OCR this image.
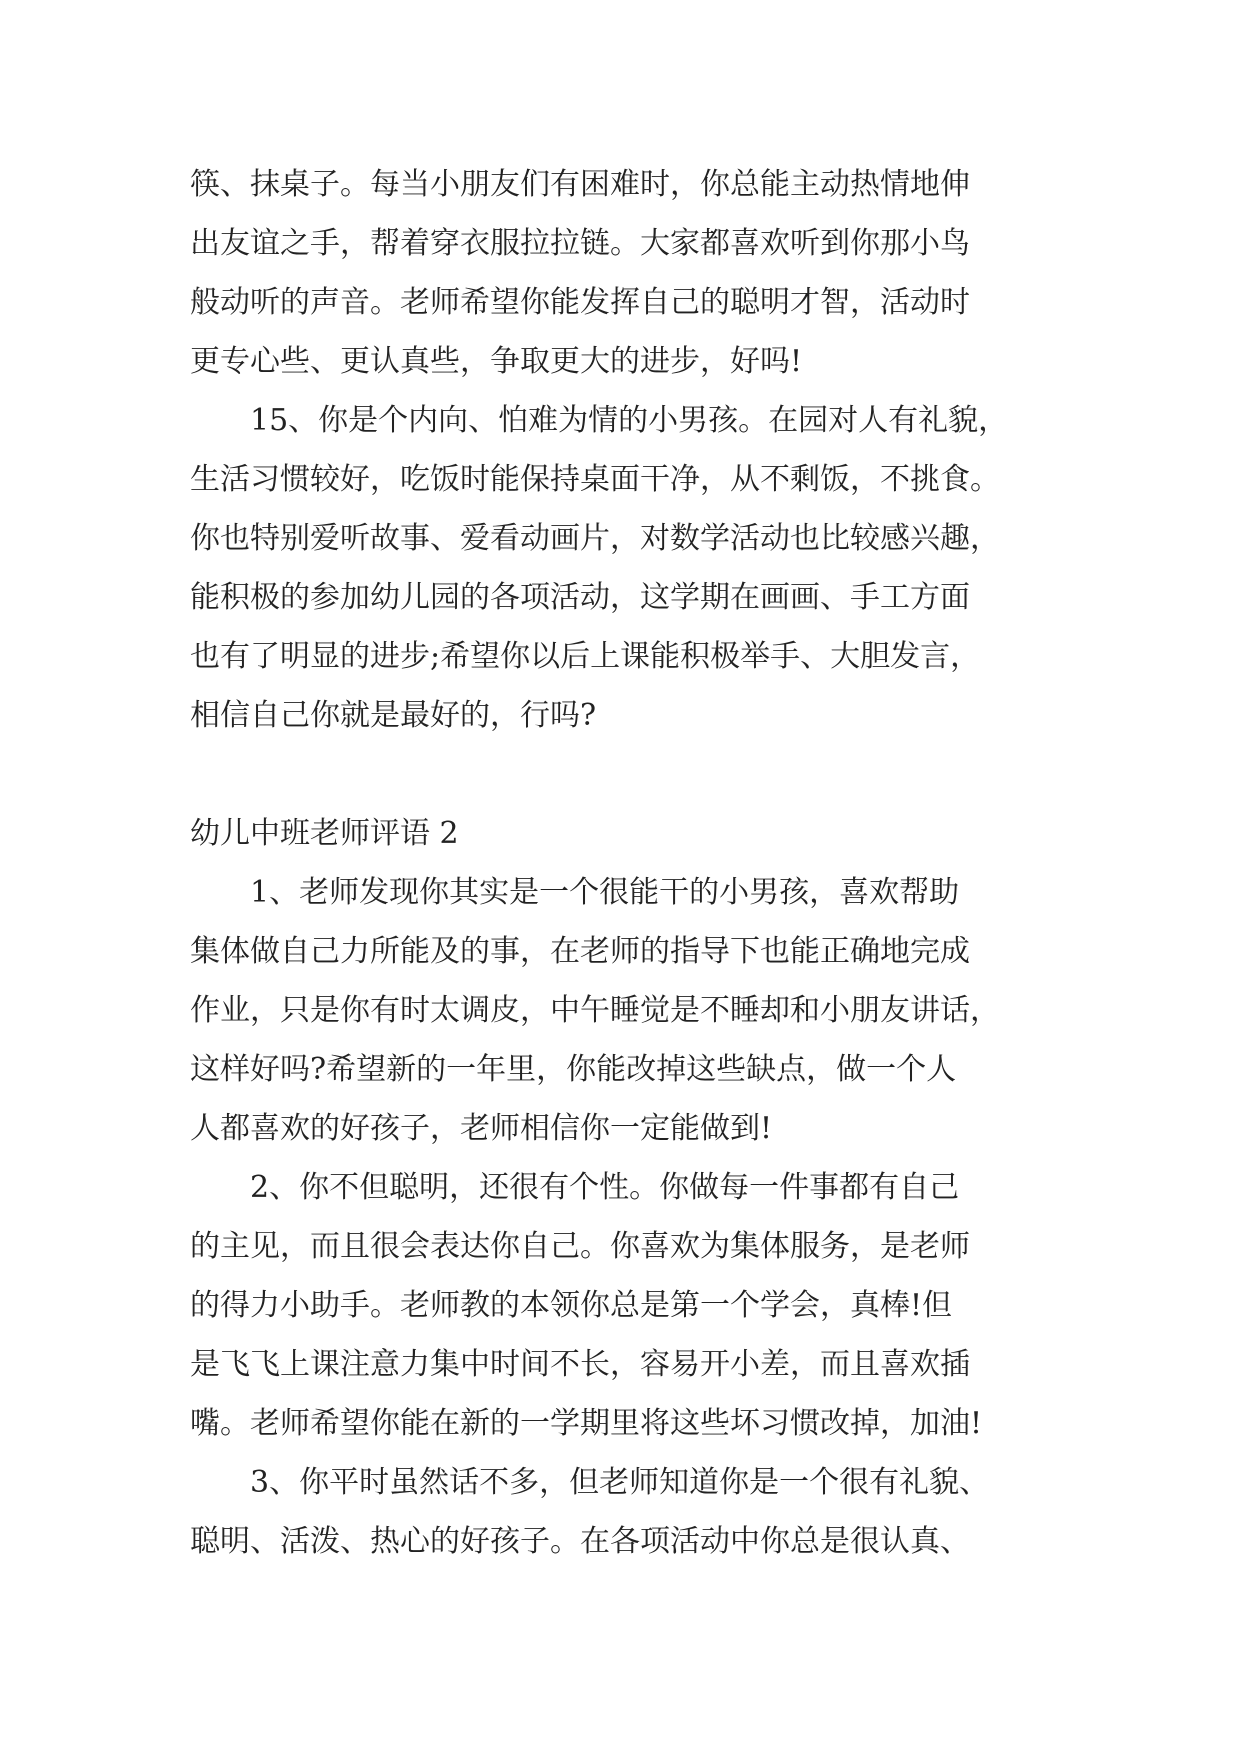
筷、抹桌子。每当小朋友们有困难时，你总能主动热情地伸
出友谊之手，帮着穿衣服拉拉链。大家都喜欢听到你那小鸟
般动听的声音。老师希望你能发挥自己的聪明才智，活动时
更专心些、更认真些，争取更大的进步，好吗!

15、你是个内向、怕难为情的小男孩。在园对人有礼貌，
生活习惯较好，吃饭时能保持桌面干净，从不剩饭，不挑食。
你也特别爱听故事、爱看动画片，对数学活动也比较感兴趣，
能积极的参加幼儿园的各项活动，这学期在画画、手工方面
也有了明显的进步;希望你以后上课能积极举手、大胆发言，
相信自己你就是最好的，行吗?

幼儿中班老师评语 2

1、老师发现你其实是一个很能干的小男孩，喜欢帮助
集体做自己力所能及的事，在老师的指导下也能正确地完成
作业，只是你有时太调皮，中午睡觉是不睡却和小朋友讲话，
这样好吗?希望新的一年里，你能改掉这些缺点，做一个人
人都喜欢的好孩子，老师相信你一定能做到!

2、你不但聪明，还很有个性。你做每一件事都有自己
的主见，而且很会表达你自己。你喜欢为集体服务，是老师
的得力小助手。老师教的本领你总是第一个学会，真棒!但
是飞飞上课注意力集中时间不长，容易开小差，而且喜欢插
嘴。老师希望你能在新的一学期里将这些坏习惯改掉，加油!

3、你平时虽然话不多，但老师知道你是一个很有礼貌、
聪明、活泼、热心的好孩子。在各项活动中你总是很认真、
